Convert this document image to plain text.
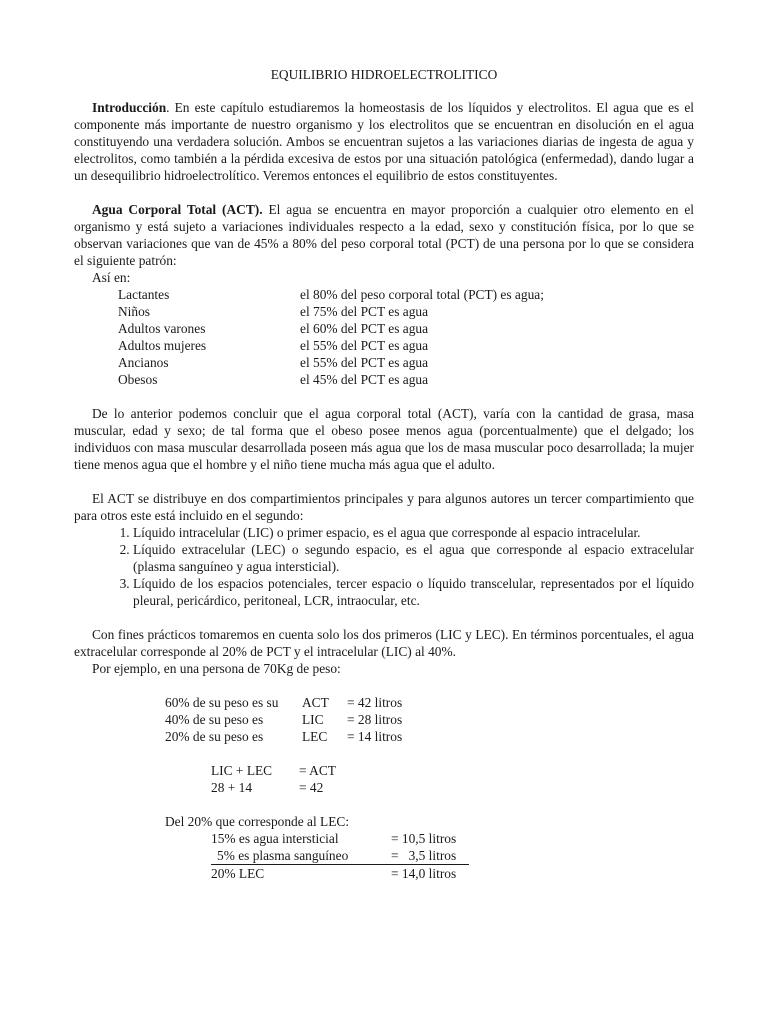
EQUILIBRIO HIDROELECTROLITICO

Introducción. En este capítulo estudiaremos la homeostasis de los líquidos y electrolitos. El agua que es el componente más importante de nuestro organismo y los electrolitos que se encuentran en disolución en el agua constituyendo una verdadera solución. Ambos se encuentran sujetos a las variaciones diarias de ingesta de agua y electrolitos, como también a la pérdida excesiva de estos por una situación patológica (enfermedad), dando lugar a un desequilibrio hidroelectrolítico. Veremos entonces el equilibrio de estos constituyentes.

Agua Corporal Total (ACT). El agua se encuentra en mayor proporción a cualquier otro elemento en el organismo y está sujeto a variaciones individuales respecto a la edad, sexo y constitución física, por lo que se observan variaciones que van de 45% a 80% del peso corporal total (PCT) de una persona por lo que se considera el siguiente patrón:

Así en:
Lactantes	el 80% del peso corporal total (PCT) es agua;
Niños	el 75% del PCT es agua
Adultos varones	el 60% del PCT es agua
Adultos mujeres	el 55% del PCT es agua
Ancianos	el 55% del PCT es agua
Obesos	el 45% del PCT es agua

De lo anterior podemos concluir que el agua corporal total (ACT), varía con la cantidad de grasa, masa muscular, edad y sexo; de tal forma que el obeso posee menos agua (porcentualmente) que el delgado; los individuos con masa muscular desarrollada poseen más agua que los de masa muscular poco desarrollada; la mujer tiene menos agua que el hombre y el niño tiene mucha más agua que el adulto.

El ACT se distribuye en dos compartimientos principales y para algunos autores un tercer compartimiento que para otros este está incluido en el segundo:

1. Líquido intracelular (LIC) o primer espacio, es el agua que corresponde al espacio intracelular.
2. Líquido extracelular (LEC) o segundo espacio, es el agua que corresponde al espacio extracelular (plasma sanguíneo y agua intersticial).
3. Líquido de los espacios potenciales, tercer espacio o líquido transcelular, representados por el líquido pleural, pericárdico, peritoneal, LCR, intraocular, etc.

Con fines prácticos tomaremos en cuenta solo los dos primeros (LIC y LEC). En términos porcentuales, el agua extracelular corresponde al 20% de PCT y el intracelular (LIC) al 40%.

Por ejemplo, en una persona de 70Kg de peso:
60% de su peso es su	ACT	= 42 litros
40% de su peso es	LIC	= 28 litros
20% de su peso es	LEC	= 14 litros
LIC + LEC	= ACT
28 + 14	= 42
Del 20% que corresponde al LEC:
15% es agua intersticial	= 10,5 litros
5% es plasma sanguíneo	=   3,5 litros
20% LEC	= 14,0 litros
